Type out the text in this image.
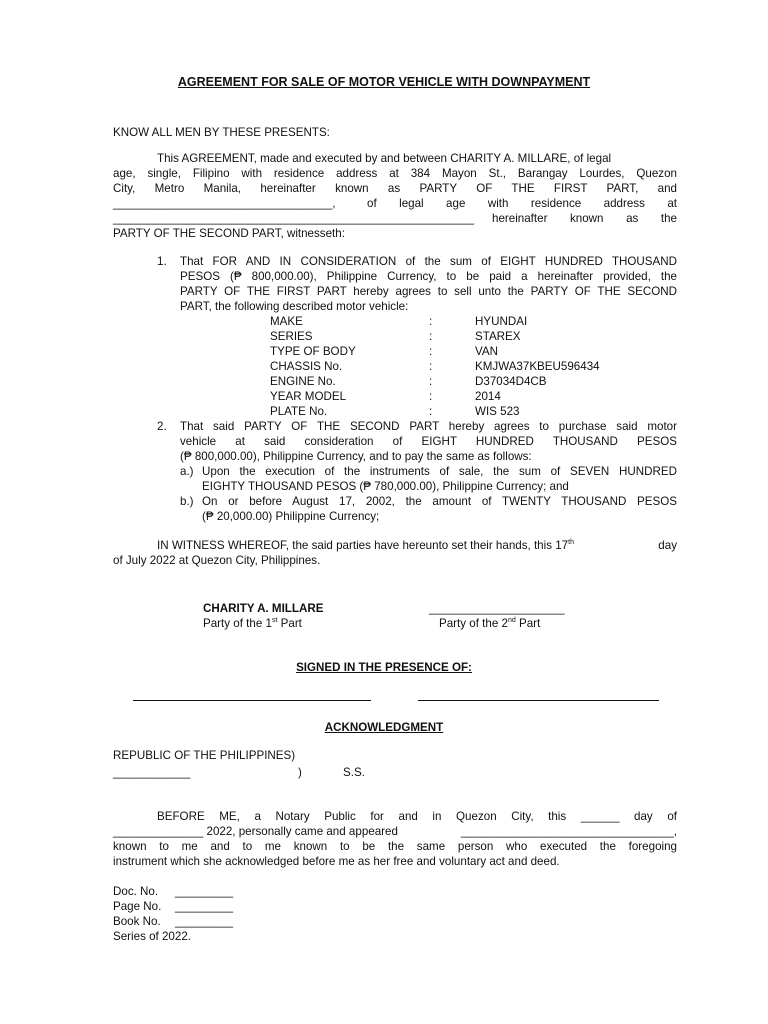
AGREEMENT FOR SALE OF MOTOR VEHICLE WITH DOWNPAYMENT
KNOW ALL MEN BY THESE PRESENTS:
This AGREEMENT, made and executed by and between CHARITY A. MILLARE, of legal
age, single, Filipino with residence address at 384 Mayon St., Barangay Lourdes, Quezon
City, Metro Manila, hereinafter known as PARTY OF THE FIRST PART, and
__________________________________,	of legal age with residence address at
________________________________________________________ hereinafter known as the
PARTY OF THE SECOND PART, witnesseth:
1. That FOR AND IN CONSIDERATION of the sum of EIGHT HUNDRED THOUSAND
PESOS (₱ 800,000.00), Philippine Currency, to be paid a hereinafter provided, the
PARTY OF THE FIRST PART hereby agrees to sell unto the PARTY OF THE SECOND
PART, the following described motor vehicle:
MAKE	:	HYUNDAI
SERIES	:	STAREX
TYPE OF BODY	:	VAN
CHASSIS No.	:	KMJWA37KBEU596434
ENGINE No.	:	D37034D4CB
YEAR MODEL	:	2014
PLATE No.	:	WIS 523
2. That said PARTY OF THE SECOND PART hereby agrees to purchase said motor
vehicle at said consideration of EIGHT HUNDRED THOUSAND PESOS
(₱ 800,000.00), Philippine Currency, and to pay the same as follows:
a.) Upon the execution of the instruments of sale, the sum of SEVEN HUNDRED
EIGHTY THOUSAND PESOS (₱ 780,000.00), Philippine Currency; and
b.) On or before August 17, 2002, the amount of TWENTY THOUSAND PESOS
(₱ 20,000.00) Philippine Currency;
IN WITNESS WHEREOF, the said parties have hereunto set their hands, this 17th	day
of July 2022 at Quezon City, Philippines.
CHARITY A. MILLARE
Party of the 1st Part
_____________________
Party of the 2nd Part
SIGNED IN THE PRESENCE OF:
ACKNOWLEDGMENT
REPUBLIC OF THE PHILIPPINES)
____________	)	S.S.
BEFORE ME, a Notary Public for and in Quezon City, this ______ day of
______________ 2022, personally came and appeared	_________________________________,
known to me and to me known to be the same person who executed the foregoing
instrument which she acknowledged before me as her free and voluntary act and deed.
Doc. No. _________
Page No. _________
Book No. _________
Series of 2022.
